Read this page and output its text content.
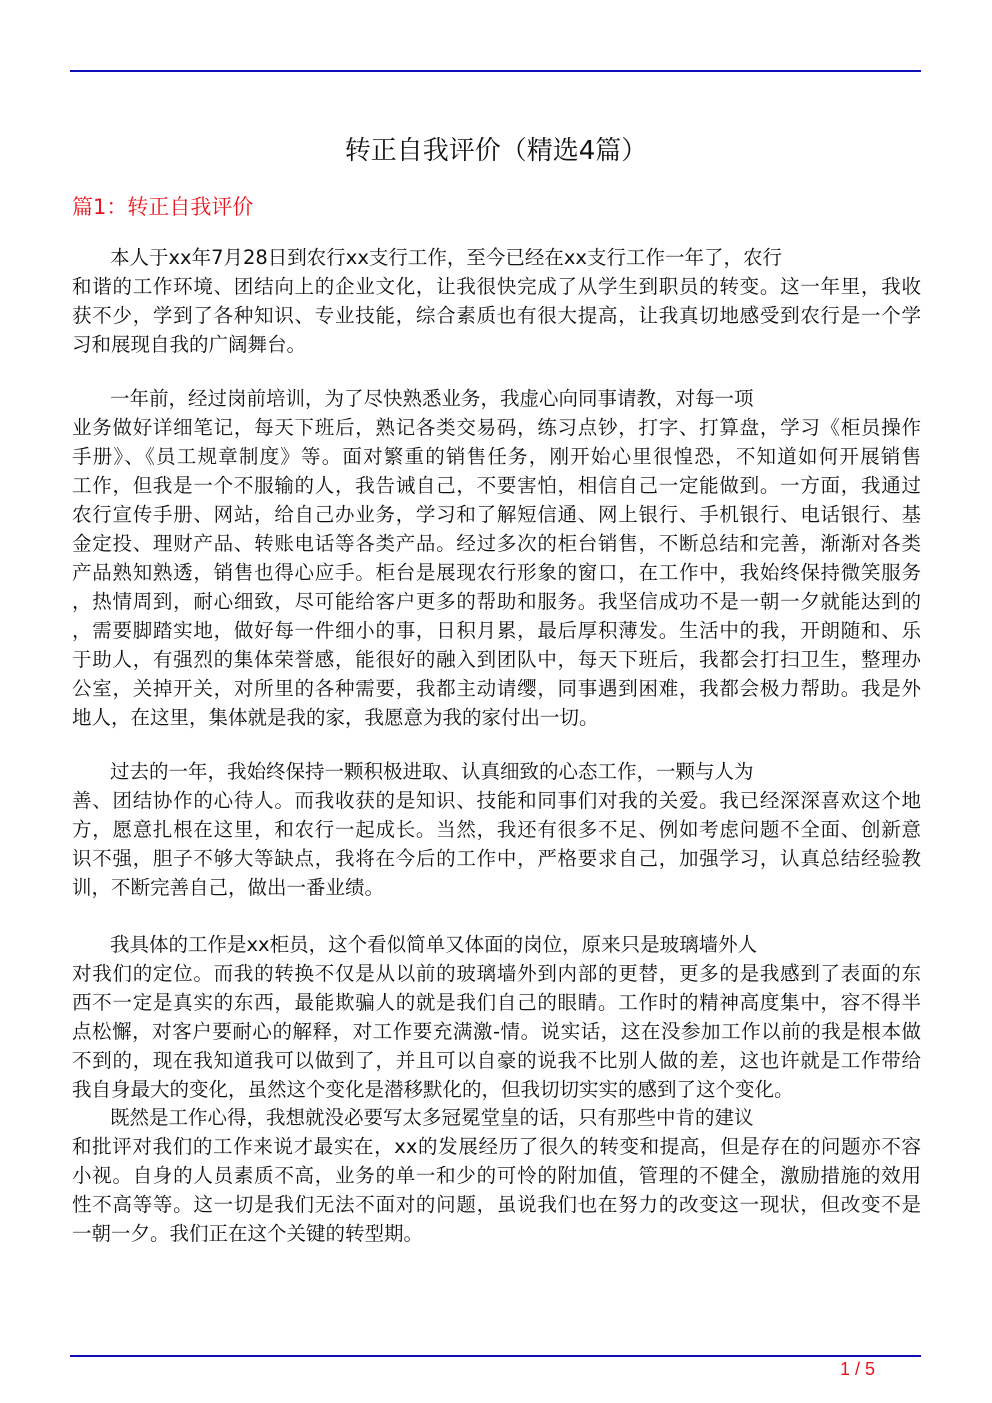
转正自我评价（精选4篇）
篇1：转正自我评价
本人于xx年7月28日到农行xx支行工作，至今已经在xx支行工作一年了，农行
和谐的工作环境、团结向上的企业文化，让我很快完成了从学生到职员的转变。这一年里，我收
获不少，学到了各种知识、专业技能，综合素质也有很大提高，让我真切地感受到农行是一个学
习和展现自我的广阔舞台。
一年前，经过岗前培训，为了尽快熟悉业务，我虚心向同事请教，对每一项
业务做好详细笔记，每天下班后，熟记各类交易码，练习点钞，打字、打算盘，学习《柜员操作
手册》、《员工规章制度》等。面对繁重的销售任务，刚开始心里很惶恐，不知道如何开展销售
工作，但我是一个不服输的人，我告诫自己，不要害怕，相信自己一定能做到。一方面，我通过
农行宣传手册、网站，给自己办业务，学习和了解短信通、网上银行、手机银行、电话银行、基
金定投、理财产品、转账电话等各类产品。经过多次的柜台销售，不断总结和完善，渐渐对各类
产品熟知熟透，销售也得心应手。柜台是展现农行形象的窗口，在工作中，我始终保持微笑服务
，热情周到，耐心细致，尽可能给客户更多的帮助和服务。我坚信成功不是一朝一夕就能达到的
，需要脚踏实地，做好每一件细小的事，日积月累，最后厚积薄发。生活中的我，开朗随和、乐
于助人，有强烈的集体荣誉感，能很好的融入到团队中，每天下班后，我都会打扫卫生，整理办
公室，关掉开关，对所里的各种需要，我都主动请缨，同事遇到困难，我都会极力帮助。我是外
地人，在这里，集体就是我的家，我愿意为我的家付出一切。
过去的一年，我始终保持一颗积极进取、认真细致的心态工作，一颗与人为
善、团结协作的心待人。而我收获的是知识、技能和同事们对我的关爱。我已经深深喜欢这个地
方，愿意扎根在这里，和农行一起成长。当然，我还有很多不足、例如考虑问题不全面、创新意
识不强，胆子不够大等缺点，我将在今后的工作中，严格要求自己，加强学习，认真总结经验教
训，不断完善自己，做出一番业绩。
我具体的工作是xx柜员，这个看似简单又体面的岗位，原来只是玻璃墙外人
对我们的定位。而我的转换不仅是从以前的玻璃墙外到内部的更替，更多的是我感到了表面的东
西不一定是真实的东西，最能欺骗人的就是我们自己的眼睛。工作时的精神高度集中，容不得半
点松懈，对客户要耐心的解释，对工作要充满激-情。说实话，这在没参加工作以前的我是根本做
不到的，现在我知道我可以做到了，并且可以自豪的说我不比别人做的差，这也许就是工作带给
我自身最大的变化，虽然这个变化是潜移默化的，但我切切实实的感到了这个变化。
既然是工作心得，我想就没必要写太多冠冕堂皇的话，只有那些中肯的建议
和批评对我们的工作来说才最实在，xx的发展经历了很久的转变和提高，但是存在的问题亦不容
小视。自身的人员素质不高，业务的单一和少的可怜的附加值，管理的不健全，激励措施的效用
性不高等等。这一切是我们无法不面对的问题，虽说我们也在努力的改变这一现状，但改变不是
一朝一夕。我们正在这个关键的转型期。
1 / 5
